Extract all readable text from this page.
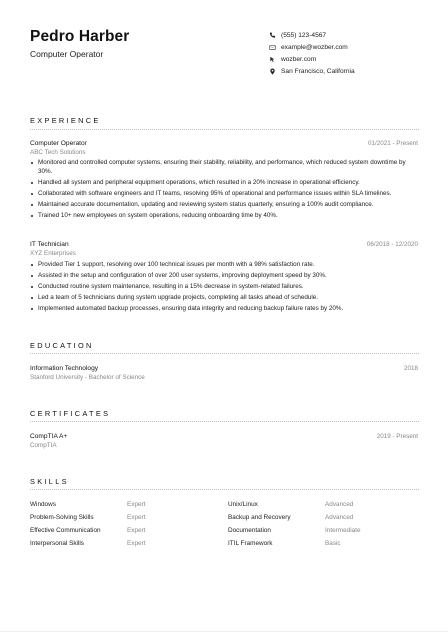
Pedro Harber
Computer Operator
(555) 123-4567
example@wozber.com
wozber.com
San Francisco, California
EXPERIENCE
Computer Operator	01/2021 - Present
ABC Tech Solutions
Monitored and controlled computer systems, ensuring their stability, reliability, and performance, which reduced system downtime by 30%.
Handled all system and peripheral equipment operations, which resulted in a 20% increase in operational efficiency.
Collaborated with software engineers and IT teams, resolving 95% of operational and performance issues within SLA timelines.
Maintained accurate documentation, updating and reviewing system status quarterly, ensuring a 100% audit compliance.
Trained 10+ new employees on system operations, reducing onboarding time by 40%.
IT Technician	06/2018 - 12/2020
XYZ Enterprises
Provided Tier 1 support, resolving over 100 technical issues per month with a 98% satisfaction rate.
Assisted in the setup and configuration of over 200 user systems, improving deployment speed by 30%.
Conducted routine system maintenance, resulting in a 15% decrease in system-related failures.
Led a team of 5 technicians during system upgrade projects, completing all tasks ahead of schedule.
Implemented automated backup processes, ensuring data integrity and reducing backup failure rates by 20%.
EDUCATION
Information Technology	2018
Stanford University - Bachelor of Science
CERTIFICATES
CompTIA A+	2019 - Present
CompTIA
SKILLS
Windows	Expert	Unix/Linux	Advanced
Problem-Solving Skills	Expert	Backup and Recovery	Advanced
Effective Communication	Expert	Documentation	Intermediate
Interpersonal Skills	Expert	ITIL Framework	Basic
